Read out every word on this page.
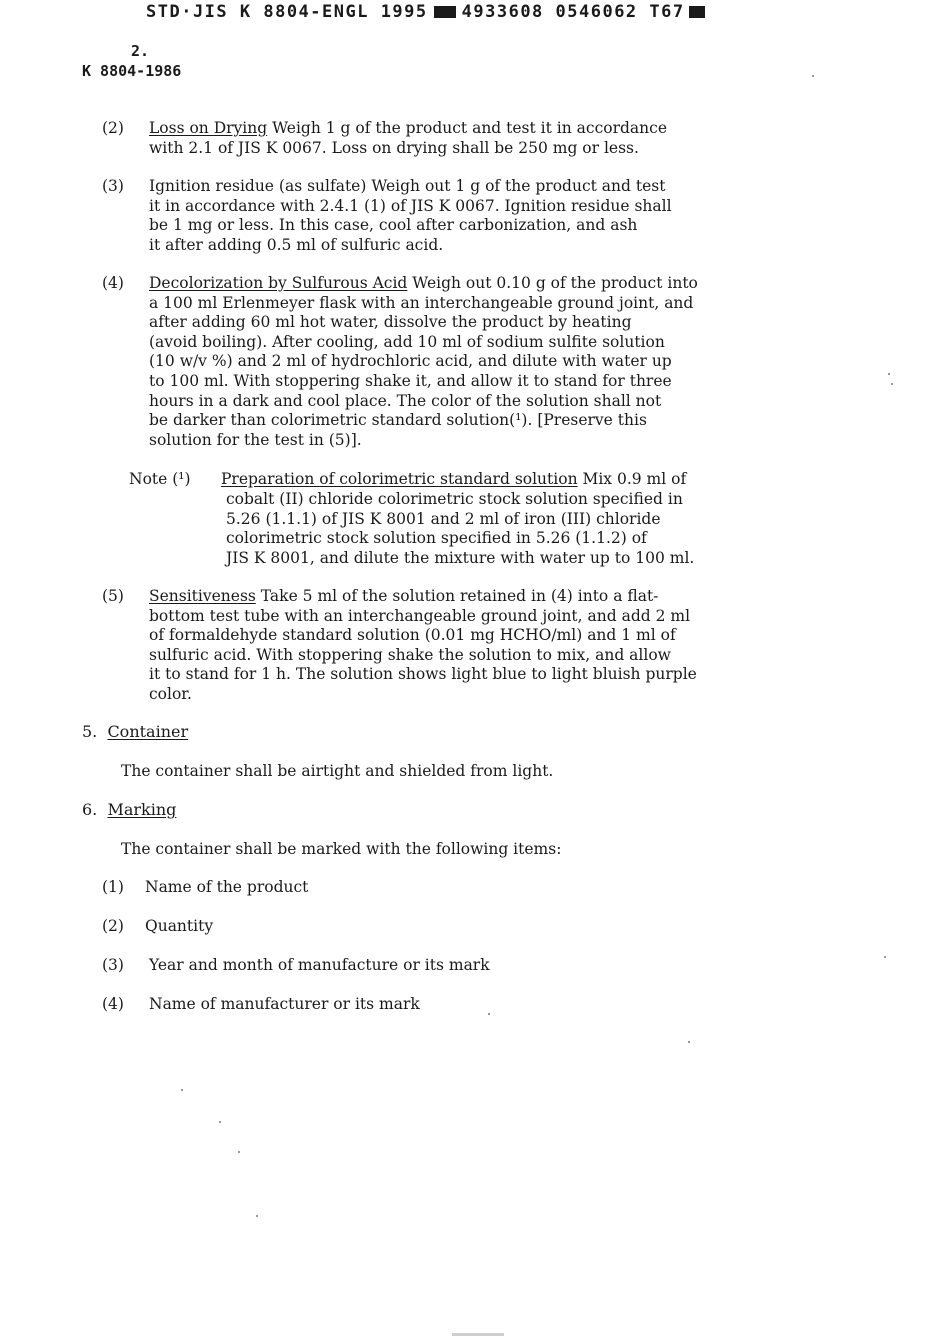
STD·JIS K 8804-ENGL 1995 4933608 0546062 T67
2.
K 8804-1986
(2) Loss on Drying Weigh 1 g of the product and test it in accordance
with 2.1 of JIS K 0067. Loss on drying shall be 250 mg or less.
(3) Ignition residue (as sulfate) Weigh out 1 g of the product and test
it in accordance with 2.4.1 (1) of JIS K 0067. Ignition residue shall
be 1 mg or less. In this case, cool after carbonization, and ash
it after adding 0.5 ml of sulfuric acid.
(4) Decolorization by Sulfurous Acid Weigh out 0.10 g of the product into
a 100 ml Erlenmeyer flask with an interchangeable ground joint, and
after adding 60 ml hot water, dissolve the product by heating
(avoid boiling). After cooling, add 10 ml of sodium sulfite solution
(10 w/v %) and 2 ml of hydrochloric acid, and dilute with water up
to 100 ml. With stoppering shake it, and allow it to stand for three
hours in a dark and cool place. The color of the solution shall not
be darker than colorimetric standard solution(¹). [Preserve this
solution for the test in (5)].
Note (¹) Preparation of colorimetric standard solution Mix 0.9 ml of
cobalt (II) chloride colorimetric stock solution specified in
5.26 (1.1.1) of JIS K 8001 and 2 ml of iron (III) chloride
colorimetric stock solution specified in 5.26 (1.1.2) of
JIS K 8001, and dilute the mixture with water up to 100 ml.
(5) Sensitiveness Take 5 ml of the solution retained in (4) into a flat-
bottom test tube with an interchangeable ground joint, and add 2 ml
of formaldehyde standard solution (0.01 mg HCHO/ml) and 1 ml of
sulfuric acid. With stoppering shake the solution to mix, and allow
it to stand for 1 h. The solution shows light blue to light bluish purple
color.
5. Container
The container shall be airtight and shielded from light.
6. Marking
The container shall be marked with the following items:
(1) Name of the product
(2) Quantity
(3) Year and month of manufacture or its mark
(4) Name of manufacturer or its mark
